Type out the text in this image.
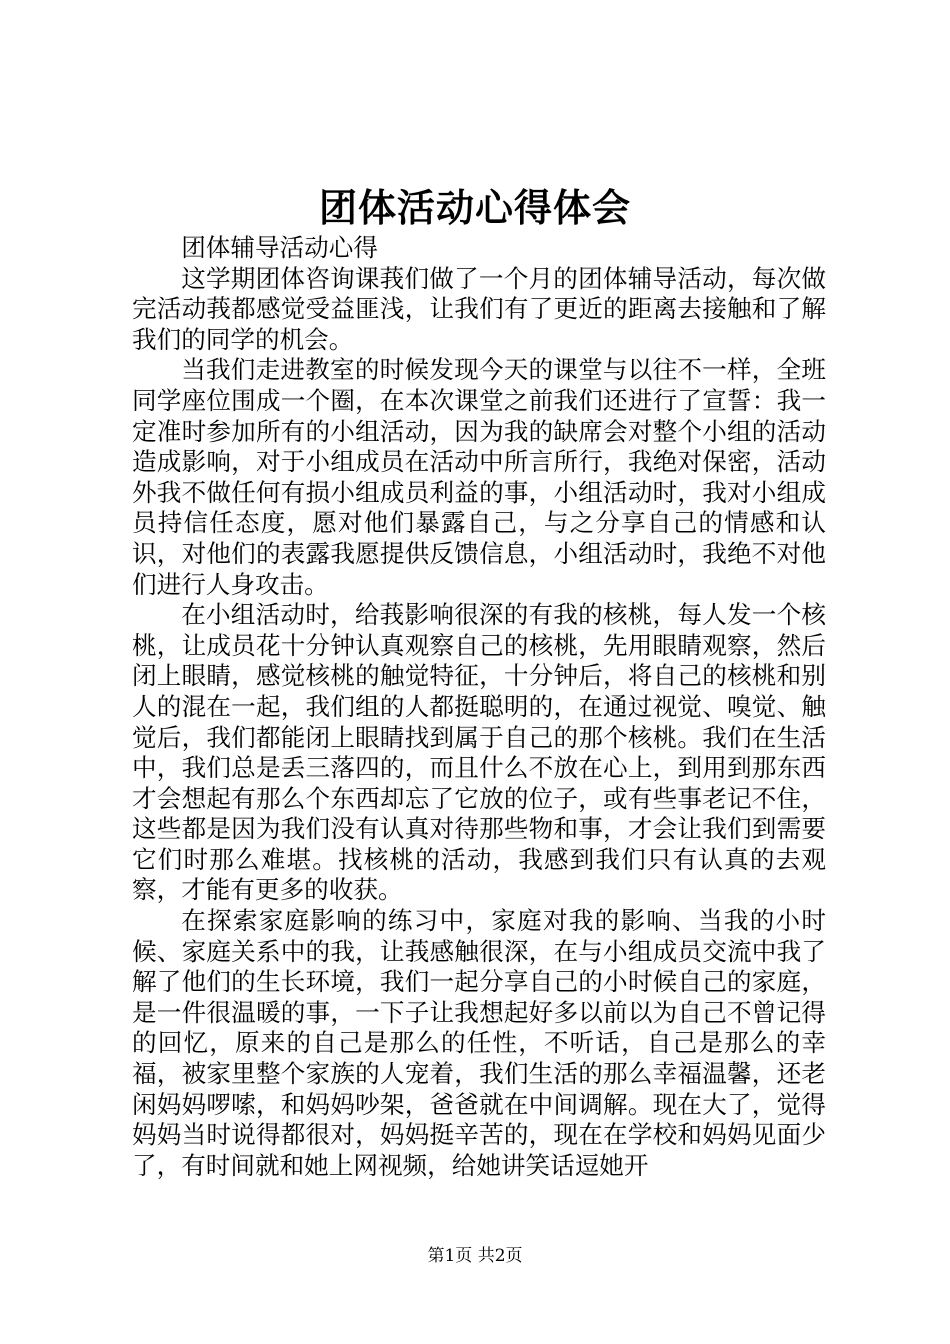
团体活动心得体会

团体辅导活动心得

这学期团体咨询课莪们做了一个月的团体辅导活动，每次做完活动莪都感觉受益匪浅，让我们有了更近的距离去接触和了解我们的同学的机会。

当我们走进教室的时候发现今天的课堂与以往不一样，全班同学座位围成一个圈，在本次课堂之前我们还进行了宣誓：我一定准时参加所有的小组活动，因为我的缺席会对整个小组的活动造成影响，对于小组成员在活动中所言所行，我绝对保密，活动外我不做任何有损小组成员利益的事，小组活动时，我对小组成员持信任态度，愿对他们暴露自己，与之分享自己的情感和认识，对他们的表露我愿提供反馈信息，小组活动时，我绝不对他们进行人身攻击。

在小组活动时，给莪影响很深的有我的核桃，每人发一个核桃，让成员花十分钟认真观察自己的核桃，先用眼睛观察，然后闭上眼睛，感觉核桃的触觉特征，十分钟后，将自己的核桃和别人的混在一起，我们组的人都挺聪明的，在通过视觉、嗅觉、触觉后，我们都能闭上眼睛找到属于自己的那个核桃。我们在生活中，我们总是丢三落四的，而且什么不放在心上，到用到那东西才会想起有那么个东西却忘了它放的位子，或有些事老记不住，这些都是因为我们没有认真对待那些物和事，才会让我们到需要它们时那么难堪。找核桃的活动，我感到我们只有认真的去观察，才能有更多的收获。

在探索家庭影响的练习中，家庭对我的影响、当我的小时候、家庭关系中的我，让莪感触很深，在与小组成员交流中我了解了他们的生长环境，我们一起分享自己的小时候自己的家庭，是一件很温暖的事，一下子让我想起好多以前以为自己不曾记得的回忆，原来的自己是那么的任性，不听话，自己是那么的幸福，被家里整个家族的人宠着，我们生活的那么幸福温馨，还老闲妈妈啰嗦，和妈妈吵架，爸爸就在中间调解。现在大了，觉得妈妈当时说得都很对，妈妈挺辛苦的，现在在学校和妈妈见面少了，有时间就和她上网视频，给她讲笑话逗她开

第1页 共2页
